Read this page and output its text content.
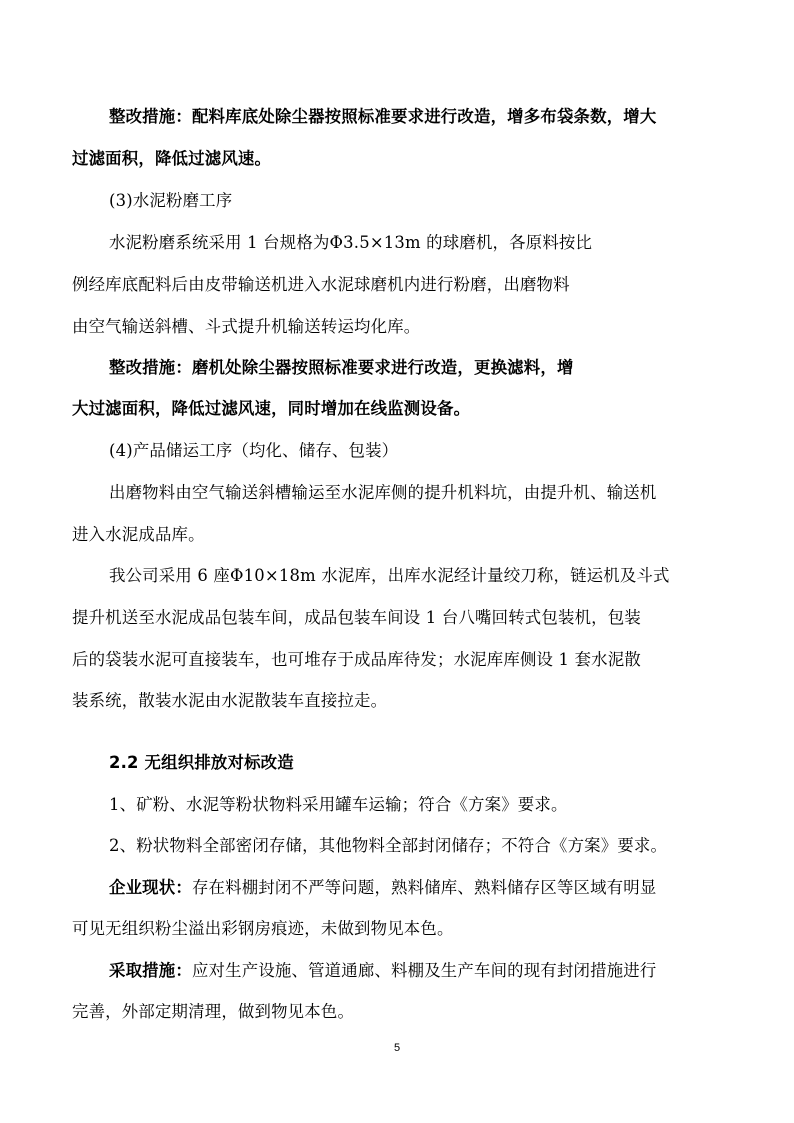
整改措施：配料库底处除尘器按照标准要求进行改造，增多布袋条数，增大
过滤面积，降低过滤风速。
(3)水泥粉磨工序
水泥粉磨系统采用 1 台规格为Φ3.5×13m 的球磨机，各原料按比
例经库底配料后由皮带输送机进入水泥球磨机内进行粉磨，出磨物料
由空气输送斜槽、斗式提升机输送转运均化库。
整改措施：磨机处除尘器按照标准要求进行改造，更换滤料，增
大过滤面积，降低过滤风速，同时增加在线监测设备。
(4)产品储运工序（均化、储存、包装）
出磨物料由空气输送斜槽输运至水泥库侧的提升机料坑，由提升机、输送机
进入水泥成品库。
我公司采用 6 座Φ10×18m 水泥库，出库水泥经计量绞刀称，链运机及斗式
提升机送至水泥成品包装车间，成品包装车间设 1 台八嘴回转式包装机，包装
后的袋装水泥可直接装车，也可堆存于成品库待发；水泥库库侧设 1 套水泥散
装系统，散装水泥由水泥散装车直接拉走。
2.2 无组织排放对标改造
1、矿粉、水泥等粉状物料采用罐车运输；符合《方案》要求。
2、粉状物料全部密闭存储，其他物料全部封闭储存；不符合《方案》要求。
企业现状：存在料棚封闭不严等问题，熟料储库、熟料储存区等区域有明显
可见无组织粉尘溢出彩钢房痕迹，未做到物见本色。
采取措施：应对生产设施、管道通廊、料棚及生产车间的现有封闭措施进行
完善，外部定期清理，做到物见本色。
5
